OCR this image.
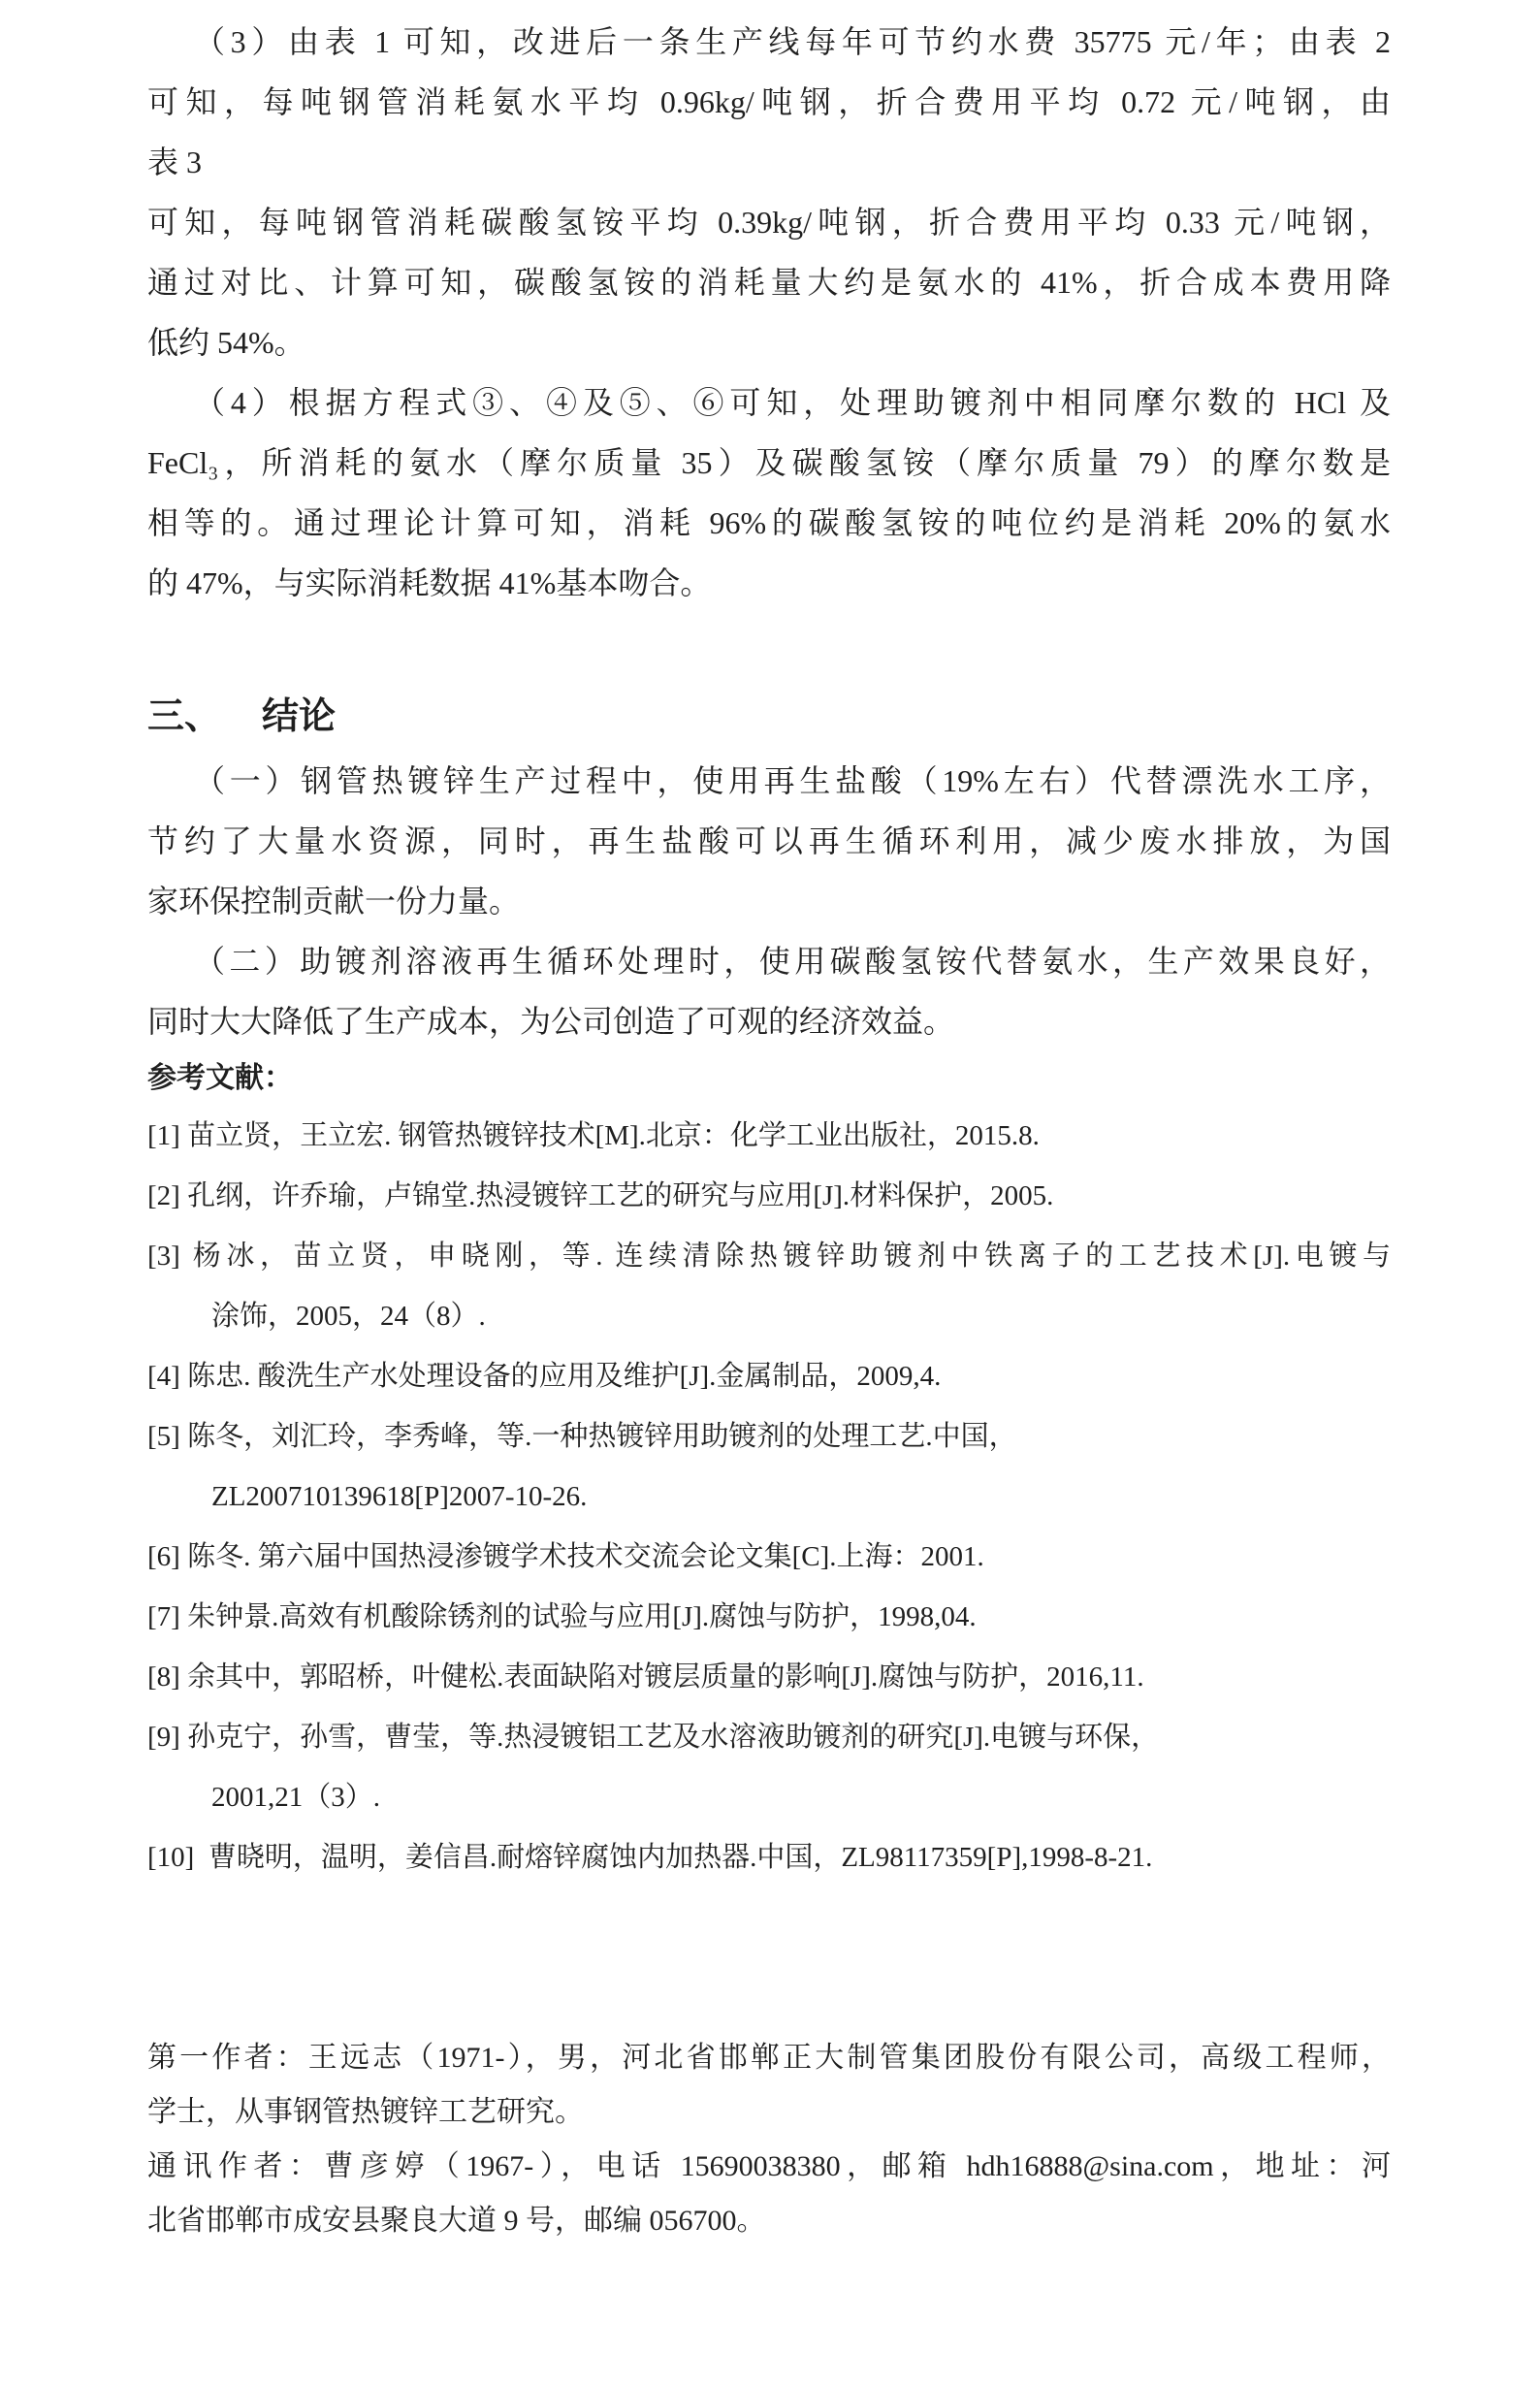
（3）由表 1 可知，改进后一条生产线每年可节约水费 35775 元/年；由表 2
可知，每吨钢管消耗氨水平均 0.96kg/吨钢，折合费用平均 0.72 元/吨钢，由
表 3
可知，每吨钢管消耗碳酸氢铵平均 0.39kg/吨钢，折合费用平均 0.33 元/吨钢，
通过对比、计算可知，碳酸氢铵的消耗量大约是氨水的 41%，折合成本费用降
低约 54%。
（4）根据方程式③、④及⑤、⑥可知，处理助镀剂中相同摩尔数的 HCl 及
FeCl₃，所消耗的氨水（摩尔质量 35）及碳酸氢铵（摩尔质量 79）的摩尔数是
相等的。通过理论计算可知，消耗 96%的碳酸氢铵的吨位约是消耗 20%的氨水
的 47%，与实际消耗数据 41%基本吻合。
三、 结论
（一）钢管热镀锌生产过程中，使用再生盐酸（19%左右）代替漂洗水工序，
节约了大量水资源，同时，再生盐酸可以再生循环利用，减少废水排放，为国
家环保控制贡献一份力量。
（二）助镀剂溶液再生循环处理时，使用碳酸氢铵代替氨水，生产效果良好，
同时大大降低了生产成本，为公司创造了可观的经济效益。
参考文献：
[1] 苗立贤，王立宏. 钢管热镀锌技术[M].北京：化学工业出版社，2015.8.
[2] 孔纲，许乔瑜，卢锦堂.热浸镀锌工艺的研究与应用[J].材料保护，2005.
[3] 杨冰，苗立贤，申晓刚，等. 连续清除热镀锌助镀剂中铁离子的工艺技术[J].电镀与
涂饰，2005，24（8）.
[4] 陈忠. 酸洗生产水处理设备的应用及维护[J].金属制品，2009,4.
[5] 陈冬，刘汇玲，李秀峰，等.一种热镀锌用助镀剂的处理工艺.中国，
ZL200710139618[P]2007-10-26.
[6] 陈冬. 第六届中国热浸渗镀学术技术交流会论文集[C].上海：2001.
[7] 朱钟景.高效有机酸除锈剂的试验与应用[J].腐蚀与防护，1998,04.
[8] 余其中，郭昭桥，叶健松.表面缺陷对镀层质量的影响[J].腐蚀与防护，2016,11.
[9] 孙克宁，孙雪，曹莹，等.热浸镀铝工艺及水溶液助镀剂的研究[J].电镀与环保，
2001,21（3）.
[10]  曹晓明，温明，姜信昌.耐熔锌腐蚀内加热器.中国，ZL98117359[P],1998-8-21.
第一作者：王远志（1971-），男，河北省邯郸正大制管集团股份有限公司，高级工程师，
学士，从事钢管热镀锌工艺研究。
通讯作者：曹彦婷（1967-），电话 15690038380，邮箱 hdh16888@sina.com，地址：河
北省邯郸市成安县聚良大道 9 号，邮编 056700。
